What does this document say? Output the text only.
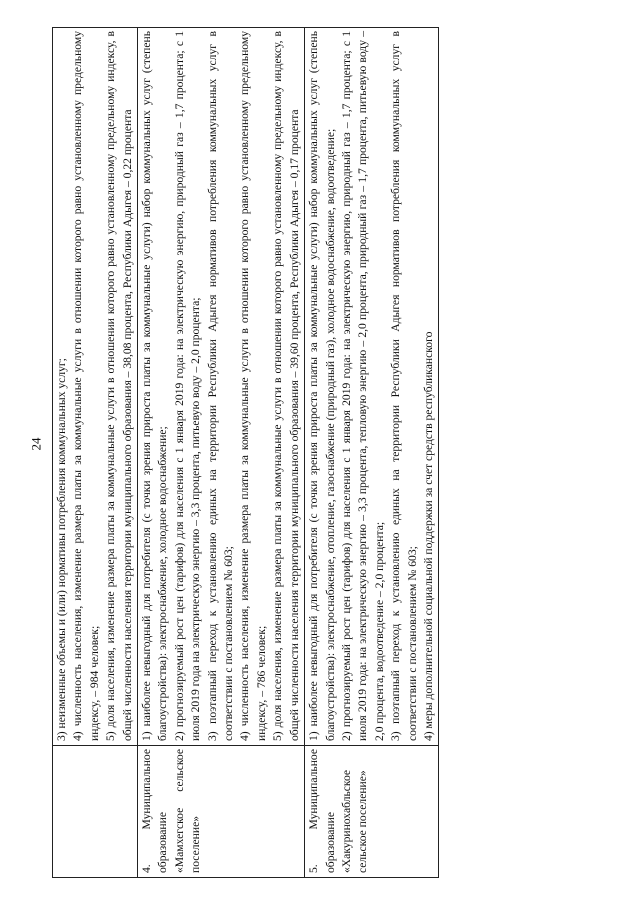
24

	3) неизменные объемы и (или) нормативы потребления коммунальных услуг; 4) численность населения, изменение размера платы за коммунальные услуги в отношении которого равно установленному предельному индексу, – 984 человек; 5) доля населения, изменение размера платы за коммунальные услуги в отношении которого равно установленному предельному индексу, в общей численности населения территории муниципального образования – 38,08 процента, Республики Адыгея – 0,22 процента

4. Муниципальное образование «Мамхегское сельское поселение»	1) наиболее невыгодный для потребителя (с точки зрения прироста платы за коммунальные услуги) набор коммунальных услуг (степень благоустройства): электроснабжение, холодное водоснабжение; 2) прогнозируемый рост цен (тарифов) для населения с 1 января 2019 года: на электрическую энергию, природный газ – 1,7 процента; с 1 июля 2019 года на электрическую энергию – 3,3 процента, питьевую воду – 2,0 процента; 3) поэтапный переход к установлению единых на территории Республики Адыгея нормативов потребления коммунальных услуг в соответствии с постановлением № 603; 4) численность населения, изменение размера платы за коммунальные услуги в отношении которого равно установленному предельному индексу, – 786 человек; 5) доля населения, изменение размера платы за коммунальные услуги в отношении которого равно установленному предельному индексу, в общей численности населения территории муниципального образования – 39,60 процента, Республики Адыгея – 0,17 процента

5. Муниципальное образование «Хакуринохабльское сельское поселение»	1) наиболее невыгодный для потребителя (с точки зрения прироста платы за коммунальные услуги) набор коммунальных услуг (степень благоустройства): электроснабжение, отопление, газоснабжение (природный газ), холодное водоснабжение, водоотведение; 2) прогнозируемый рост цен (тарифов) для населения с 1 января 2019 года: на электрическую энергию, природный газ – 1,7 процента; с 1 июля 2019 года: на электрическую энергию – 3,3 процента, тепловую энергию – 2,0 процента, природный газ – 1,7 процента, питьевую воду – 2,0 процента, водоотведение – 2,0 процента; 3) поэтапный переход к установлению единых на территории Республики Адыгея нормативов потребления коммунальных услуг в соответствии с постановлением № 603; 4) меры дополнительной социальной поддержки за счет средств республиканского
